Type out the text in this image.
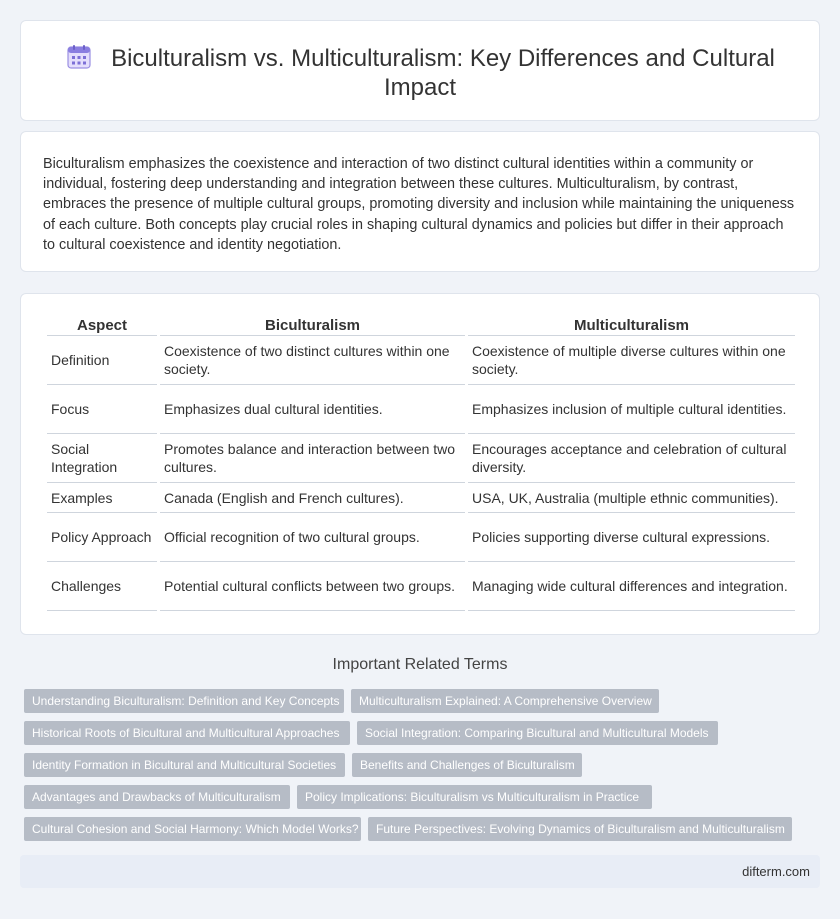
Biculturalism vs. Multiculturalism: Key Differences and Cultural Impact

Biculturalism emphasizes the coexistence and interaction of two distinct cultural identities within a community or individual, fostering deep understanding and integration between these cultures. Multiculturalism, by contrast, embraces the presence of multiple cultural groups, promoting diversity and inclusion while maintaining the uniqueness of each culture. Both concepts play crucial roles in shaping cultural dynamics and policies but differ in their approach to cultural coexistence and identity negotiation.

Aspect	Biculturalism	Multiculturalism
Definition	Coexistence of two distinct cultures within one society.	Coexistence of multiple diverse cultures within one society.
Focus	Emphasizes dual cultural identities.	Emphasizes inclusion of multiple cultural identities.
Social Integration	Promotes balance and interaction between two cultures.	Encourages acceptance and celebration of cultural diversity.
Examples	Canada (English and French cultures).	USA, UK, Australia (multiple ethnic communities).
Policy Approach	Official recognition of two cultural groups.	Policies supporting diverse cultural expressions.
Challenges	Potential cultural conflicts between two groups.	Managing wide cultural differences and integration.
Important Related Terms
Understanding Biculturalism: Definition and Key Concepts	Multiculturalism Explained: A Comprehensive Overview
Historical Roots of Bicultural and Multicultural Approaches	Social Integration: Comparing Bicultural and Multicultural Models
Identity Formation in Bicultural and Multicultural Societies	Benefits and Challenges of Biculturalism
Advantages and Drawbacks of Multiculturalism	Policy Implications: Biculturalism vs Multiculturalism in Practice
Cultural Cohesion and Social Harmony: Which Model Works?	Future Perspectives: Evolving Dynamics of Biculturalism and Multiculturalism
difterm.com
